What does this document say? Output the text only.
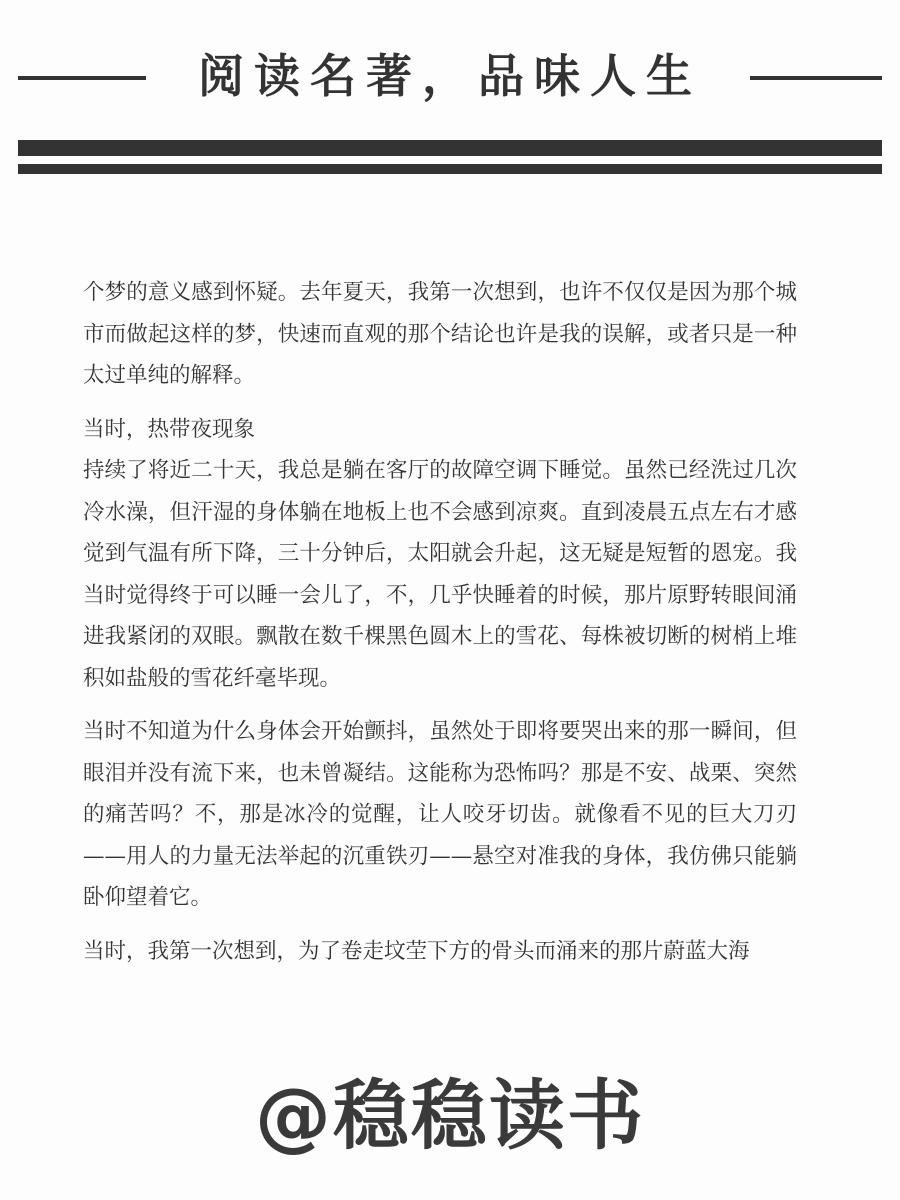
阅读名著，品味人生

个梦的意义感到怀疑。去年夏天，我第一次想到，也许不仅仅是因为那个城市而做起这样的梦，快速而直观的那个结论也许是我的误解，或者只是一种太过单纯的解释。

当时，热带夜现象

持续了将近二十天，我总是躺在客厅的故障空调下睡觉。虽然已经洗过几次冷水澡，但汗湿的身体躺在地板上也不会感到凉爽。直到凌晨五点左右才感觉到气温有所下降，三十分钟后，太阳就会升起，这无疑是短暂的恩宠。我当时觉得终于可以睡一会儿了，不，几乎快睡着的时候，那片原野转眼间涌进我紧闭的双眼。飘散在数千棵黑色圆木上的雪花、每株被切断的树梢上堆积如盐般的雪花纤毫毕现。

当时不知道为什么身体会开始颤抖，虽然处于即将要哭出来的那一瞬间，但眼泪并没有流下来，也未曾凝结。这能称为恐怖吗？那是不安、战栗、突然的痛苦吗？不，那是冰冷的觉醒，让人咬牙切齿。就像看不见的巨大刀刃——用人的力量无法举起的沉重铁刃——悬空对准我的身体，我仿佛只能躺卧仰望着它。

当时，我第一次想到，为了卷走坟茔下方的骨头而涌来的那片蔚蓝大海

@稳稳读书
